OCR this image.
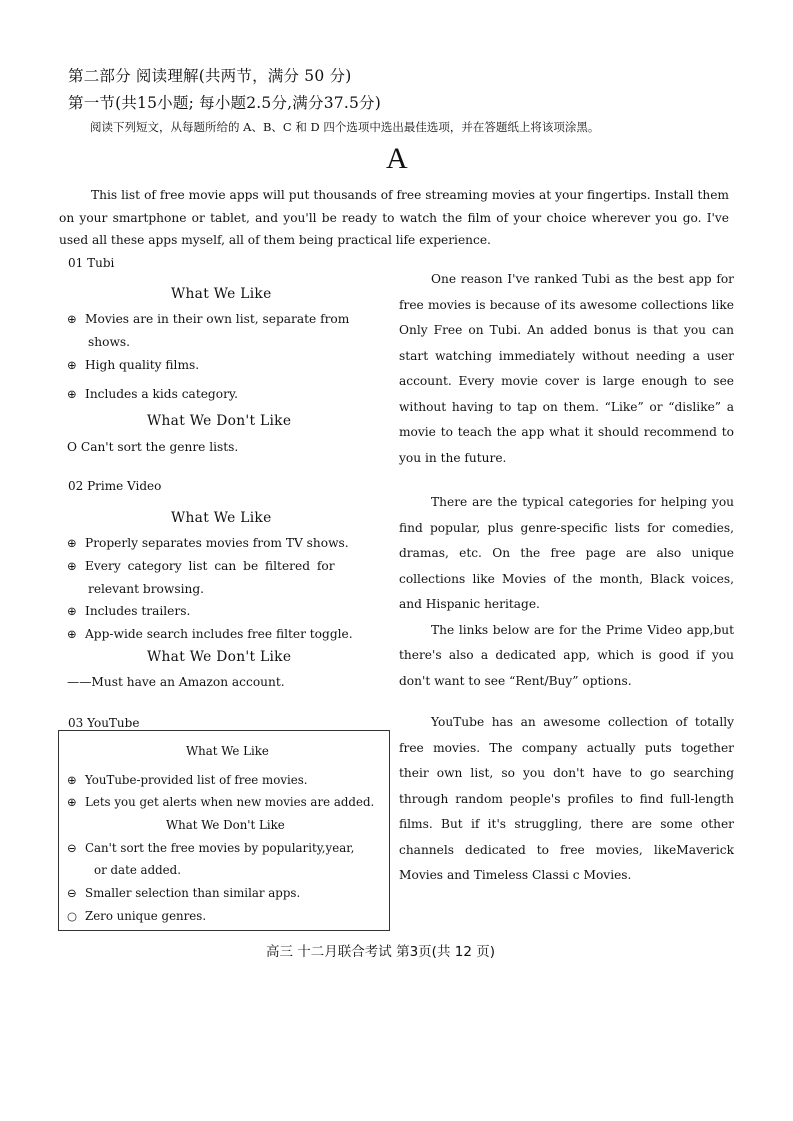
第二部分 阅读理解(共两节，满分 50 分)
第一节(共15小题; 每小题2.5分,满分37.5分)
阅读下列短文，从每题所给的 A、B、C 和 D 四个选项中选出最佳选项，并在答题纸上将该项涂黑。
A

This list of free movie apps will put thousands of free streaming movies at your fingertips. Install them on your smartphone or tablet, and you'll be ready to watch the film of your choice wherever you go. I've used all these apps myself, all of them being practical life experience.

01 Tubi
What We Like
⊕ Movies are in their own list, separate from
shows.
⊕ High quality films.
⊕ Includes a kids category.
What We Don't Like
O Can't sort the genre lists.

One reason I've ranked Tubi as the best app for free movies is because of its awesome collections like Only Free on Tubi. An added bonus is that you can start watching immediately without needing a user account. Every movie cover is large enough to see without having to tap on them. “Like” or “dislike” a movie to teach the app what it should recommend to you in the future.

02 Prime Video
What We Like
⊕ Properly separates movies from TV shows.
⊕ Every category list can be filtered for
relevant browsing.
⊕ Includes trailers.
⊕ App-wide search includes free filter toggle.
What We Don't Like
——Must have an Amazon account.

There are the typical categories for helping you find popular, plus genre-specific lists for comedies, dramas, etc. On the free page are also unique collections like Movies of the month, Black voices, and Hispanic heritage.

The links below are for the Prime Video app,but there's also a dedicated app, which is good if you don't want to see “Rent/Buy” options.

03 YouTube
What We Like
⊕ YouTube-provided list of free movies.
⊕ Lets you get alerts when new movies are added.
What We Don't Like
⊖ Can't sort the free movies by popularity,year,
or date added.
⊖ Smaller selection than similar apps.
○ Zero unique genres.

YouTube has an awesome collection of totally free movies. The company actually puts together their own list, so you don't have to go searching through random people's profiles to find full-length films. But if it's struggling, there are some other channels dedicated to free movies, likeMaverick Movies and Timeless Classi c Movies.

高三 十二月联合考试 第3页(共 12 页)
